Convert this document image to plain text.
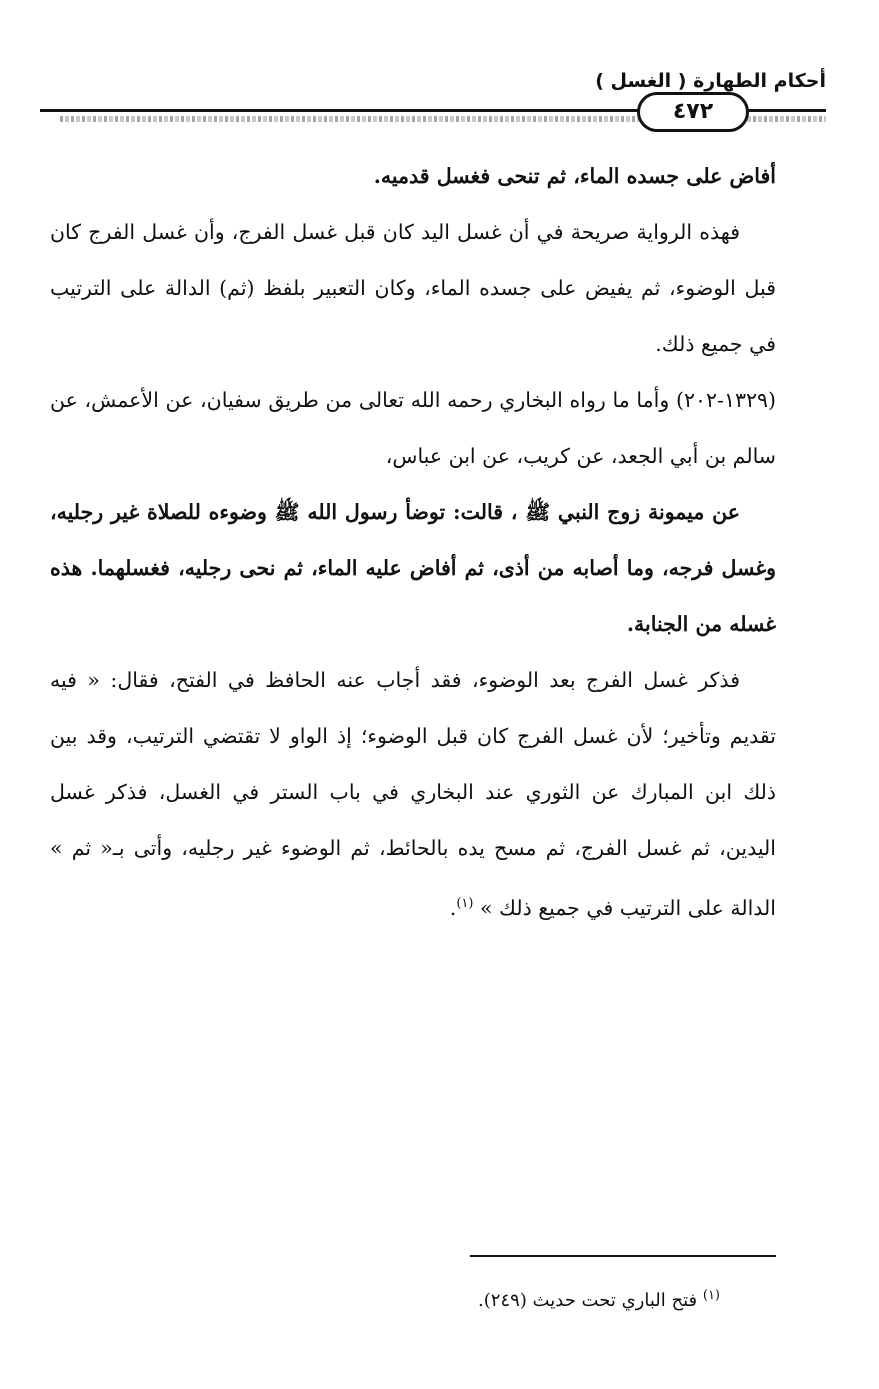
أحكام الطهارة ( الغسل )
٤٧٢

أفاض على جسده الماء، ثم تنحى فغسل قدميه.

فهذه الرواية صريحة في أن غسل اليد كان قبل غسل الفرج، وأن غسل الفرج كان قبل الوضوء، ثم يفيض على جسده الماء، وكان التعبير بلفظ (ثم) الدالة على الترتيب في جميع ذلك.

(١٣٢٩-٢٠٢) وأما ما رواه البخاري رحمه الله تعالى من طريق سفيان، عن الأعمش، عن سالم بن أبي الجعد، عن كريب، عن ابن عباس،

عن ميمونة زوج النبي ﷺ ، قالت: توضأ رسول الله ﷺ وضوءه للصلاة غير رجليه، وغسل فرجه، وما أصابه من أذى، ثم أفاض عليه الماء، ثم نحى رجليه، فغسلهما. هذه غسله من الجنابة.

فذكر غسل الفرج بعد الوضوء، فقد أجاب عنه الحافظ في الفتح، فقال: « فيه تقديم وتأخير؛ لأن غسل الفرج كان قبل الوضوء؛ إذ الواو لا تقتضي الترتيب، وقد بين ذلك ابن المبارك عن الثوري عند البخاري في باب الستر في الغسل، فذكر غسل اليدين، ثم غسل الفرج، ثم مسح يده بالحائط، ثم الوضوء غير رجليه، وأتى بـ« ثم » الدالة على الترتيب في جميع ذلك » $^{(١)}$.

$^{(١)}$ فتح الباري تحت حديث (٢٤٩).
